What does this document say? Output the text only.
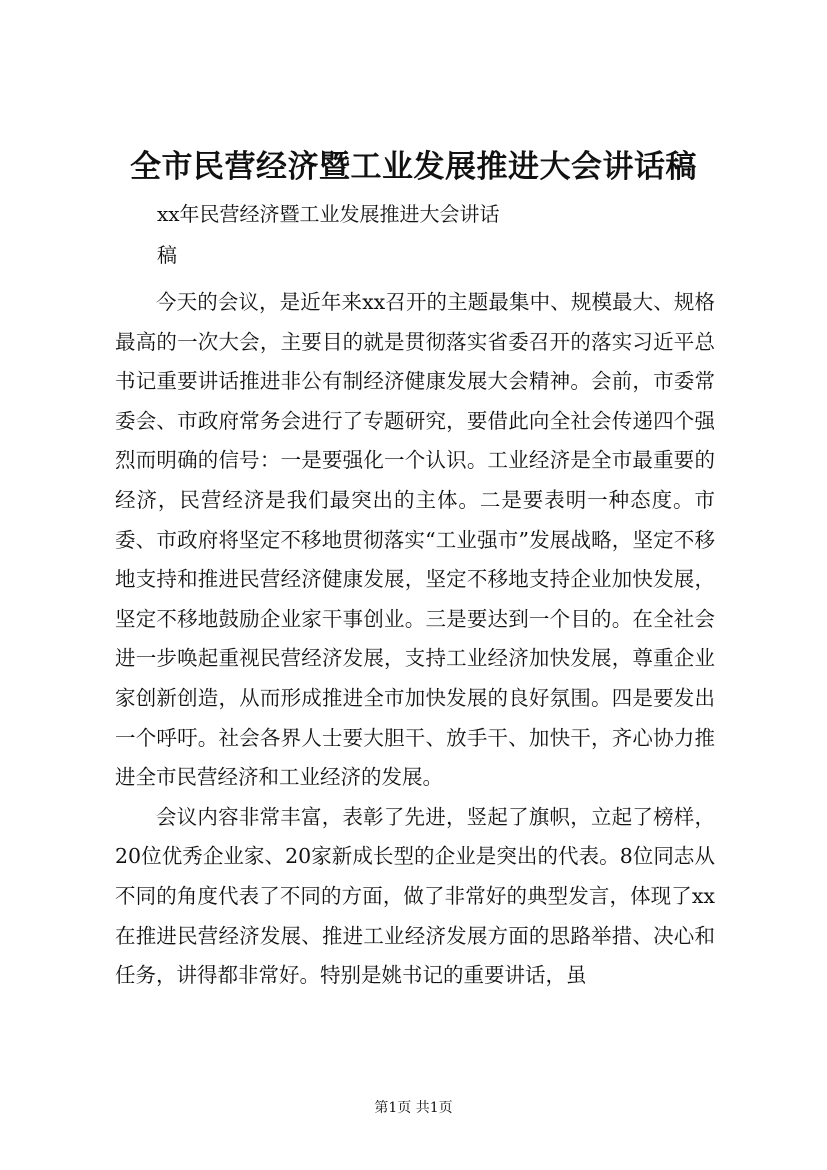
全市民营经济暨工业发展推进大会讲话稿
xx年民营经济暨工业发展推进大会讲话
稿

今天的会议，是近年来xx召开的主题最集中、规模最大、规格最高的一次大会，主要目的就是贯彻落实省委召开的落实习近平总书记重要讲话推进非公有制经济健康发展大会精神。会前，市委常委会、市政府常务会进行了专题研究，要借此向全社会传递四个强烈而明确的信号：一是要强化一个认识。工业经济是全市最重要的经济，民营经济是我们最突出的主体。二是要表明一种态度。市委、市政府将坚定不移地贯彻落实“工业强市”发展战略，坚定不移地支持和推进民营经济健康发展，坚定不移地支持企业加快发展，坚定不移地鼓励企业家干事创业。三是要达到一个目的。在全社会进一步唤起重视民营经济发展，支持工业经济加快发展，尊重企业家创新创造，从而形成推进全市加快发展的良好氛围。四是要发出一个呼吁。社会各界人士要大胆干、放手干、加快干，齐心协力推进全市民营经济和工业经济的发展。

会议内容非常丰富，表彰了先进，竖起了旗帜，立起了榜样，20位优秀企业家、20家新成长型的企业是突出的代表。8位同志从不同的角度代表了不同的方面，做了非常好的典型发言，体现了xx在推进民营经济发展、推进工业经济发展方面的思路举措、决心和任务，讲得都非常好。特别是姚书记的重要讲话，虽

第1页 共1页
